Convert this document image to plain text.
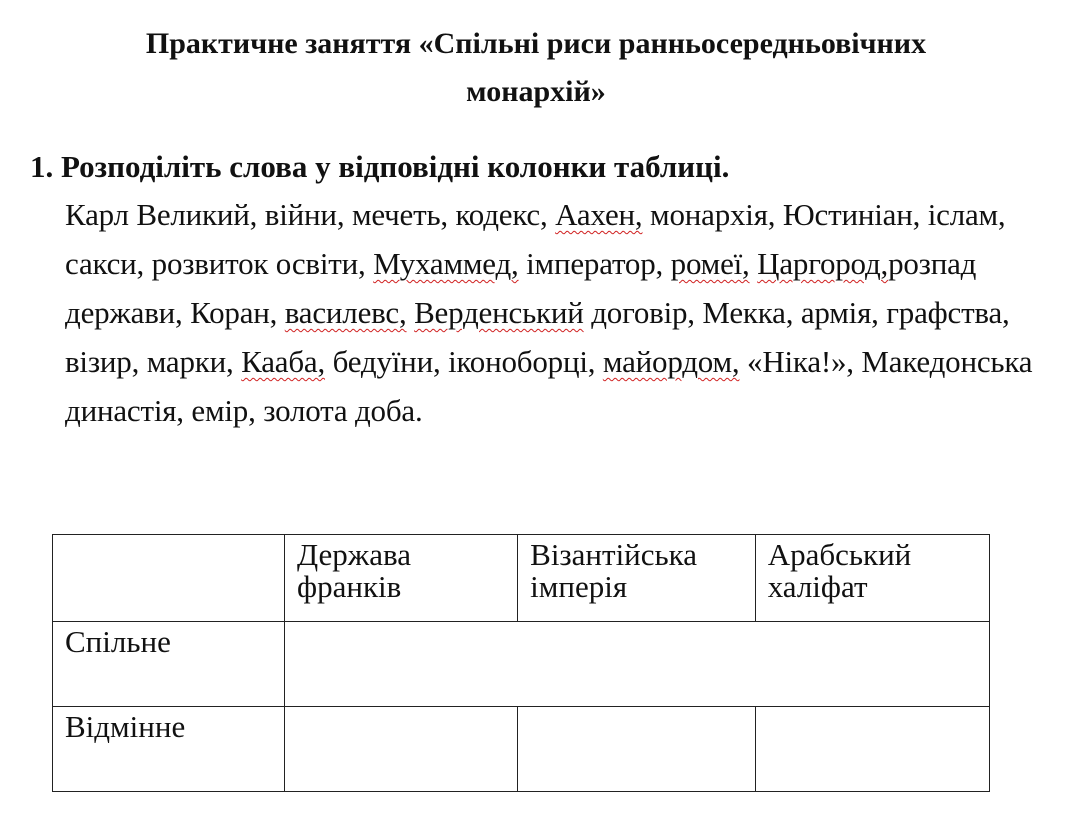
Практичне заняття «Спільні риси ранньосередньовічних
монархій»
1. Розподіліть слова у відповідні колонки таблиці.
Карл Великий, війни, мечеть, кодекс, Аахен, монархія, Юстиніан, іслам, сакси, розвиток освіти, Мухаммед, імператор, ромеї, Царгород,розпад держави, Коран, василевс, Верденський договір, Мекка, армія, графства, візир, марки, Кааба, бедуїни, іконоборці, майордом, «Ніка!», Македонська династія, емір, золота доба.
	Держава франків	Візантійська імперія	Арабський халіфат
Спільне			
Відмінне			
